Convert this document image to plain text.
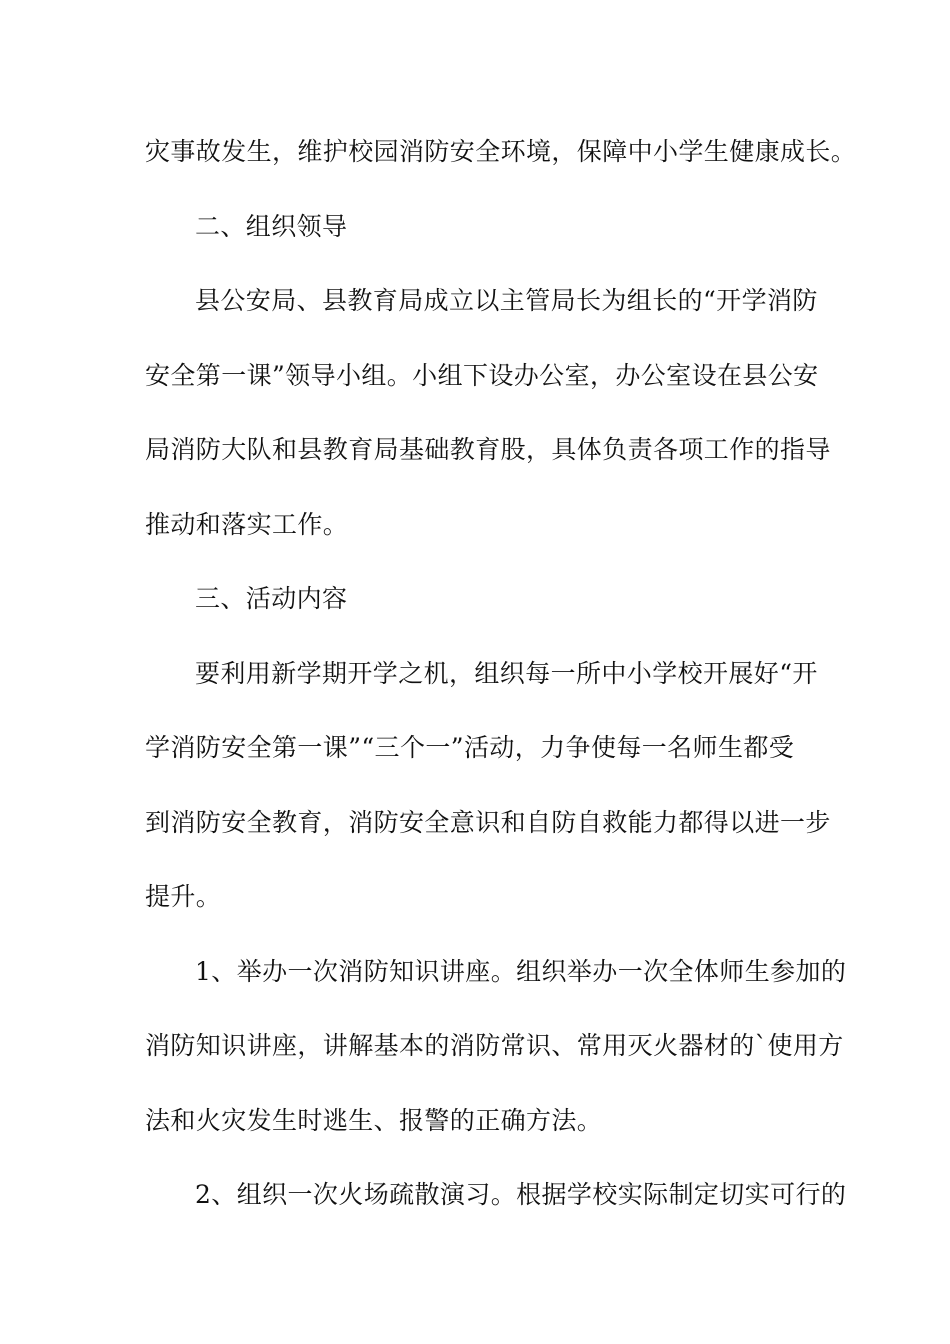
灾事故发生，维护校园消防安全环境，保障中小学生健康成长。
二、组织领导
县公安局、县教育局成立以主管局长为组长的“开学消防
安全第一课”领导小组。小组下设办公室，办公室设在县公安
局消防大队和县教育局基础教育股，具体负责各项工作的指导
推动和落实工作。
三、活动内容
要利用新学期开学之机，组织每一所中小学校开展好“开
学消防安全第一课”“三个一”活动，力争使每一名师生都受
到消防安全教育，消防安全意识和自防自救能力都得以进一步
提升。
1、举办一次消防知识讲座。组织举办一次全体师生参加的
消防知识讲座，讲解基本的消防常识、常用灭火器材的`使用方
法和火灾发生时逃生、报警的正确方法。
2、组织一次火场疏散演习。根据学校实际制定切实可行的
